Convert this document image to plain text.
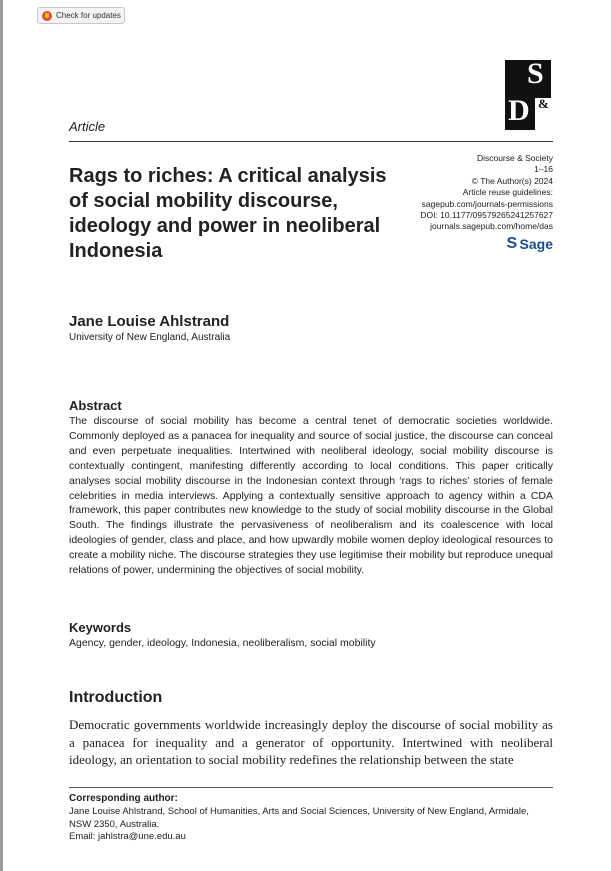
Check for updates
S
D &
Article
Rags to riches: A critical analysis of social mobility discourse, ideology and power in neoliberal Indonesia
Discourse & Society
1–16
© The Author(s) 2024
Article reuse guidelines:
sagepub.com/journals-permissions
DOI: 10.1177/09579265241257627
journals.sagepub.com/home/das
S
Sage
Jane Louise Ahlstrand
University of New England, Australia
Abstract
The discourse of social mobility has become a central tenet of democratic societies worldwide. Commonly deployed as a panacea for inequality and source of social justice, the discourse can conceal and even perpetuate inequalities. Intertwined with neoliberal ideology, social mobility discourse is contextually contingent, manifesting differently according to local conditions. This paper critically analyses social mobility discourse in the Indonesian context through ‘rags to riches’ stories of female celebrities in media interviews. Applying a contextually sensitive approach to agency within a CDA framework, this paper contributes new knowledge to the study of social mobility discourse in the Global South. The findings illustrate the pervasiveness of neoliberalism and its coalescence with local ideologies of gender, class and place, and how upwardly mobile women deploy ideological resources to create a mobility niche. The discourse strategies they use legitimise their mobility but reproduce unequal relations of power, undermining the objectives of social mobility.
Keywords
Agency, gender, ideology, Indonesia, neoliberalism, social mobility
Introduction
Democratic governments worldwide increasingly deploy the discourse of social mobility as a panacea for inequality and a generator of opportunity. Intertwined with neoliberal ideology, an orientation to social mobility redefines the relationship between the state
Corresponding author:
Jane Louise Ahlstrand, School of Humanities, Arts and Social Sciences, University of New England, Armidale, NSW 2350, Australia.
Email: jahlstra@une.edu.au
